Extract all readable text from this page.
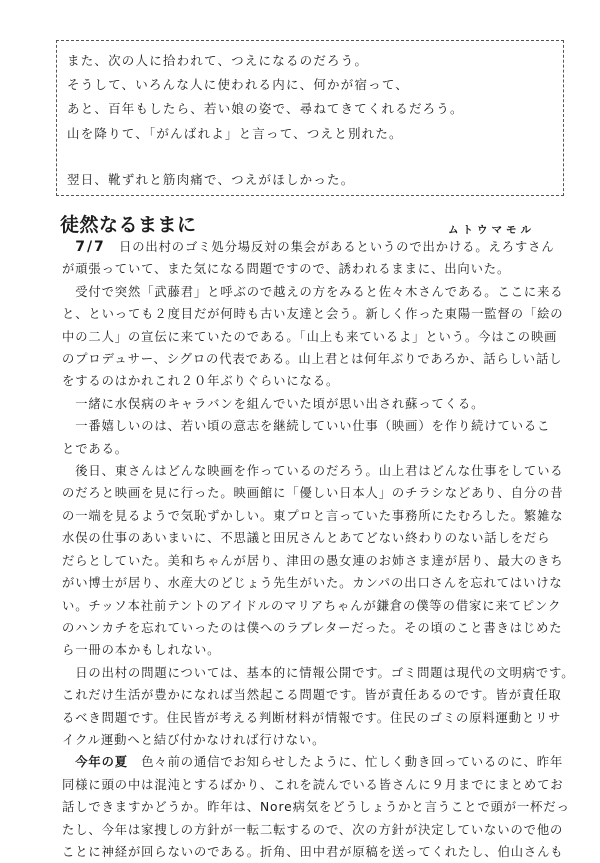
また、次の人に拾われて、つえになるのだろう。

そうして、いろんな人に使われる内に、何かが宿って、

あと、百年もしたら、若い娘の姿で、尋ねてきてくれるだろう。

山を降りて、「がんばれよ」と言って、つえと別れた。

翌日、靴ずれと筋肉痛で、つえがほしかった。

徒然なるままに	ムトウマモル

　7/7　 日の出村のゴミ処分場反対の集会があるというので出かける。えろすさん

が頑張っていて、また気になる問題ですので、誘われるままに、出向いた。

　受付で突然「武藤君」と呼ぶので越えの方をみると佐々木さんである。ここに来る

と、といっても２度目だが何時も古い友達と会う。新しく作った東陽一監督の「絵の

中の二人」の宣伝に来ていたのである。「山上も来ているよ」という。今はこの映画

のプロデュサー、シグロの代表である。山上君とは何年ぶりであろか、話らしい話し

をするのはかれこれ２０年ぶりぐらいになる。

　一緒に水俣病のキャラバンを組んでいた頃が思い出され蘇ってくる。

　一番嬉しいのは、若い頃の意志を継続していい仕事（映画）を作り続けているこ

とである。

　後日、東さんはどんな映画を作っているのだろう。山上君はどんな仕事をしている

のだろと映画を見に行った。映画館に「優しい日本人」のチラシなどあり、自分の昔

の一端を見るようで気恥ずかしい。東プロと言っていた事務所にたむろした。繁雑な

水俣の仕事のあいまいに、不思議と田尻さんとあてどない終わりのない話しをだら

だらとしていた。美和ちゃんが居り、津田の愚女連のお姉さま達が居り、最大のきち

がい博士が居り、水産大のどじょう先生がいた。カンパの出口さんを忘れてはいけな

い。チッソ本社前テントのアイドルのマリアちゃんが鎌倉の僕等の借家に来てピンク

のハンカチを忘れていったのは僕へのラブレターだった。その頃のこと書きはじめた

ら一冊の本かもしれない。

　日の出村の問題については、基本的に情報公開です。ゴミ問題は現代の文明病です。

これだけ生活が豊かになれば当然起こる問題です。皆が責任あるのです。皆が責任取

るべき問題です。住民皆が考える判断材料が情報です。住民のゴミの原料運動とリサ

イクル運動へと結び付かなければ行けない。

　今年の夏　 色々前の通信でお知らせしたように、忙しく動き回っているのに、昨年

同様に頭の中は混沌とするばかり、これを読んでいる皆さんに９月までにまとめてお

話しできますかどうか。昨年は、Nore病気をどうしょうかと言うことで頭が一杯だっ

たし、今年は家捜しの方針が一転二転するので、次の方針が決定していないので他の

ことに神経が回らないのである。折角、田中君が原稿を送ってくれたし、伯山さんも
